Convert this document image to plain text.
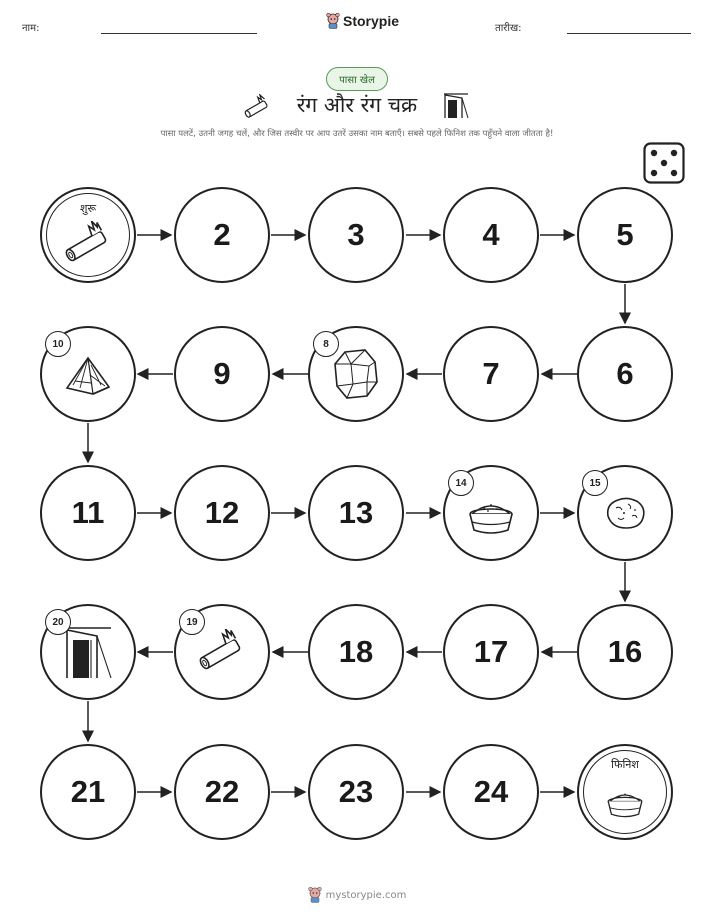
नाम:	Storypie	तारीख:
पासा खेल
रंग और रंग चक्र
पासा पलटें, उतनी जगह चलें, और जिस तस्वीर पर आप उतरें उसका नाम बताएँ। सबसे पहले फिनिश तक पहुँचने वाला जीतता है!
शुरू
2	3	4	5
6
7
9
11	12	13
16
17
18
21	22	23	24
फिनिश
10	8
14	15
20	19
mystorypie.com
